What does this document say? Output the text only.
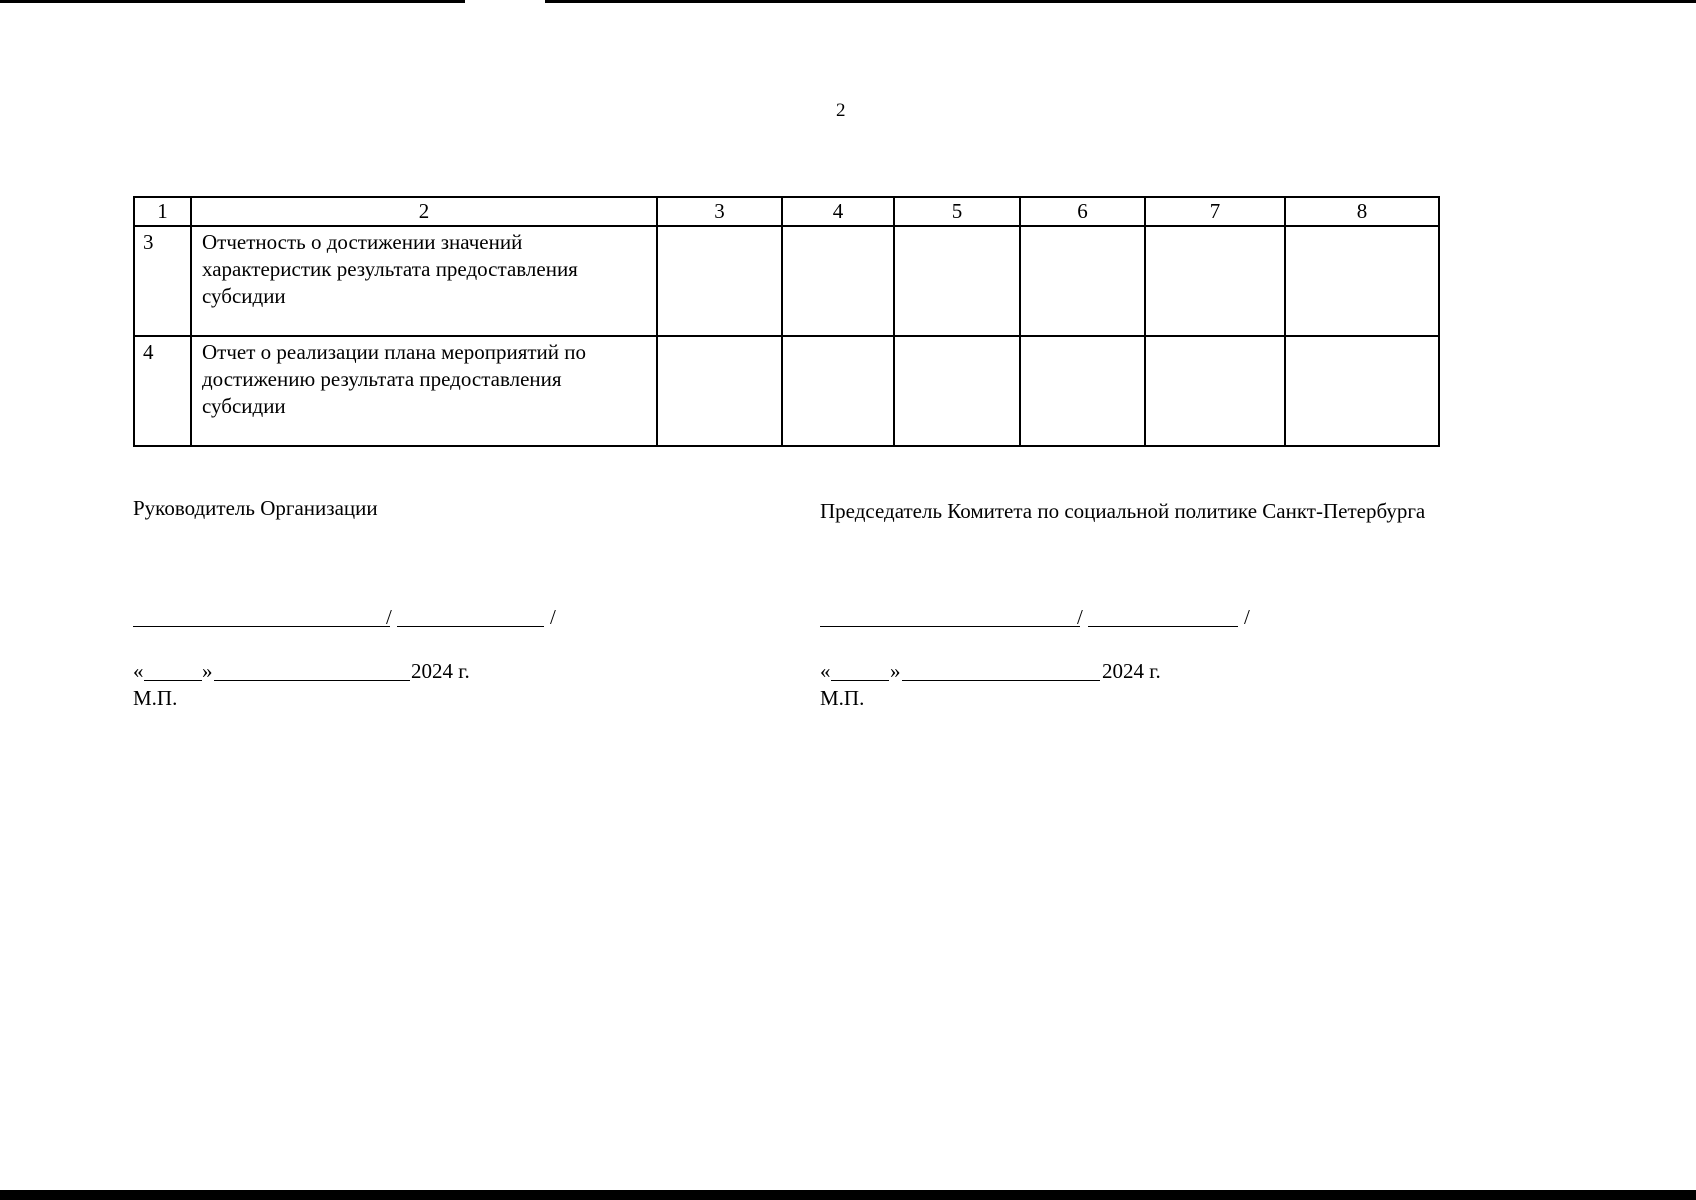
2
1	2	3	4	5	6	7	8
3	Отчетность о достижении значений
характеристик результата предоставления
субсидии						

4	Отчет о реализации плана мероприятий по
достижению результата предоставления
субсидии						

Руководитель Организации
/	/
«	»	2024 г.
М.П.
Председатель Комитета по социальной политике Санкт-Петербурга
/	/
«	»	2024 г.
М.П.
